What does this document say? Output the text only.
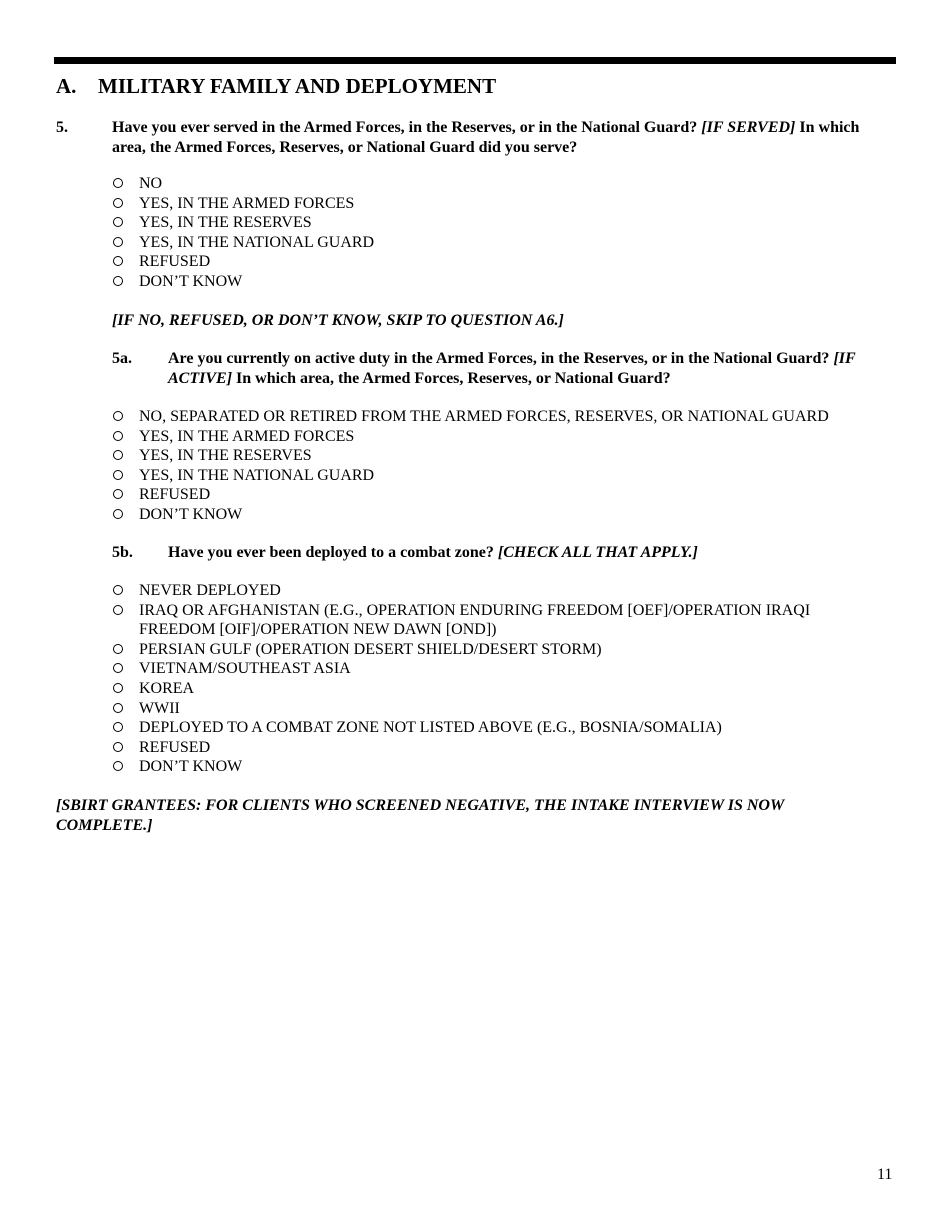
A. MILITARY FAMILY AND DEPLOYMENT
5.	Have you ever served in the Armed Forces, in the Reserves, or in the National Guard? [IF SERVED] In which area, the Armed Forces, Reserves, or National Guard did you serve?
NO
YES, IN THE ARMED FORCES
YES, IN THE RESERVES
YES, IN THE NATIONAL GUARD
REFUSED
DON’T KNOW
[IF NO, REFUSED, OR DON’T KNOW, SKIP TO QUESTION A6.]
5a. Are you currently on active duty in the Armed Forces, in the Reserves, or in the National Guard? [IF ACTIVE] In which area, the Armed Forces, Reserves, or National Guard?
NO, SEPARATED OR RETIRED FROM THE ARMED FORCES, RESERVES, OR NATIONAL GUARD
YES, IN THE ARMED FORCES
YES, IN THE RESERVES
YES, IN THE NATIONAL GUARD
REFUSED
DON’T KNOW
5b. Have you ever been deployed to a combat zone? [CHECK ALL THAT APPLY.]
NEVER DEPLOYED
IRAQ OR AFGHANISTAN (E.G., OPERATION ENDURING FREEDOM [OEF]/OPERATION IRAQI FREEDOM [OIF]/OPERATION NEW DAWN [OND])
PERSIAN GULF (OPERATION DESERT SHIELD/DESERT STORM)
VIETNAM/SOUTHEAST ASIA
KOREA
WWII
DEPLOYED TO A COMBAT ZONE NOT LISTED ABOVE (E.G., BOSNIA/SOMALIA)
REFUSED
DON’T KNOW
[SBIRT GRANTEES: FOR CLIENTS WHO SCREENED NEGATIVE, THE INTAKE INTERVIEW IS NOW COMPLETE.]
11
